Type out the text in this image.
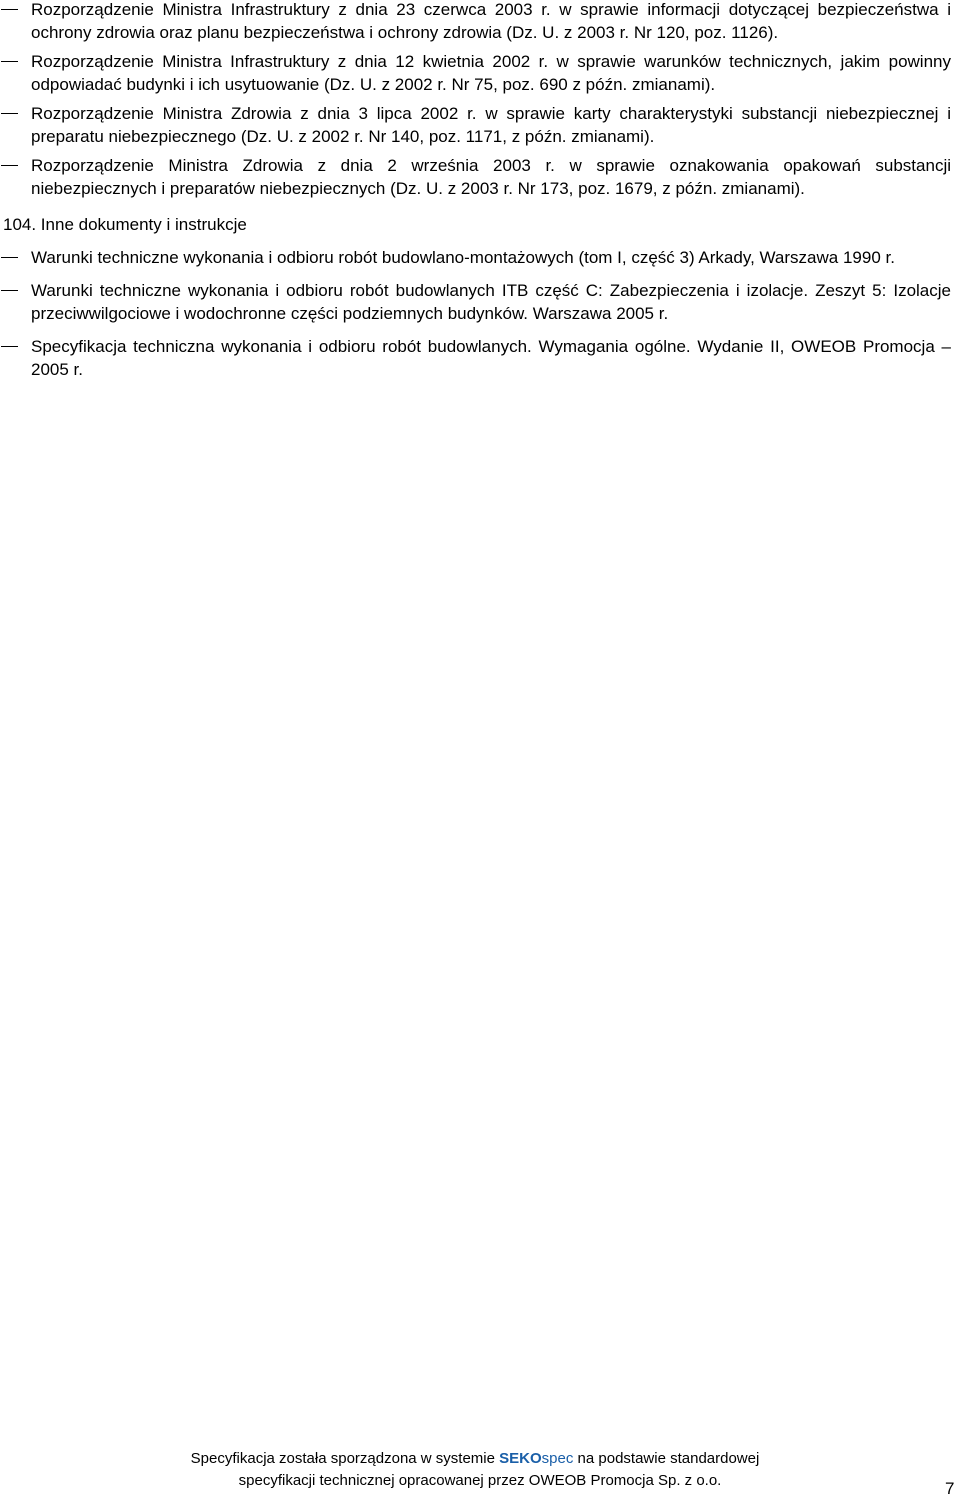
Rozporządzenie Ministra Infrastruktury z dnia 23 czerwca 2003 r. w sprawie informacji dotyczącej bezpieczeństwa i ochrony zdrowia oraz planu bezpieczeństwa i ochrony zdrowia (Dz. U. z 2003 r. Nr 120, poz. 1126).
Rozporządzenie Ministra Infrastruktury z dnia 12 kwietnia 2002 r. w sprawie warunków technicznych, jakim powinny odpowiadać budynki i ich usytuowanie (Dz. U. z 2002 r. Nr 75, poz. 690 z późn. zmianami).
Rozporządzenie Ministra Zdrowia z dnia 3 lipca 2002 r. w sprawie karty charakterystyki substancji niebezpiecznej i preparatu niebezpiecznego (Dz. U. z 2002 r. Nr 140, poz. 1171, z późn. zmianami).
Rozporządzenie Ministra Zdrowia z dnia 2 września 2003 r. w sprawie oznakowania opakowań substancji niebezpiecznych i preparatów niebezpiecznych (Dz. U. z 2003 r. Nr 173, poz. 1679, z późn. zmianami).
104. Inne dokumenty i instrukcje
Warunki techniczne wykonania i odbioru robót budowlano-montażowych (tom I, część 3) Arkady, Warszawa 1990 r.
Warunki techniczne wykonania i odbioru robót budowlanych ITB część C: Zabezpieczenia i izolacje. Zeszyt 5: Izolacje przeciwwilgociowe i wodochronne części podziemnych budynków. Warszawa 2005 r.
Specyfikacja techniczna wykonania i odbioru robót budowlanych. Wymagania ogólne. Wydanie II, OWEOB Promocja – 2005 r.
Specyfikacja została sporządzona w systemie SEKOspec na podstawie standardowej
specyfikacji technicznej opracowanej przez OWEOB Promocja Sp. z o.o.	7
